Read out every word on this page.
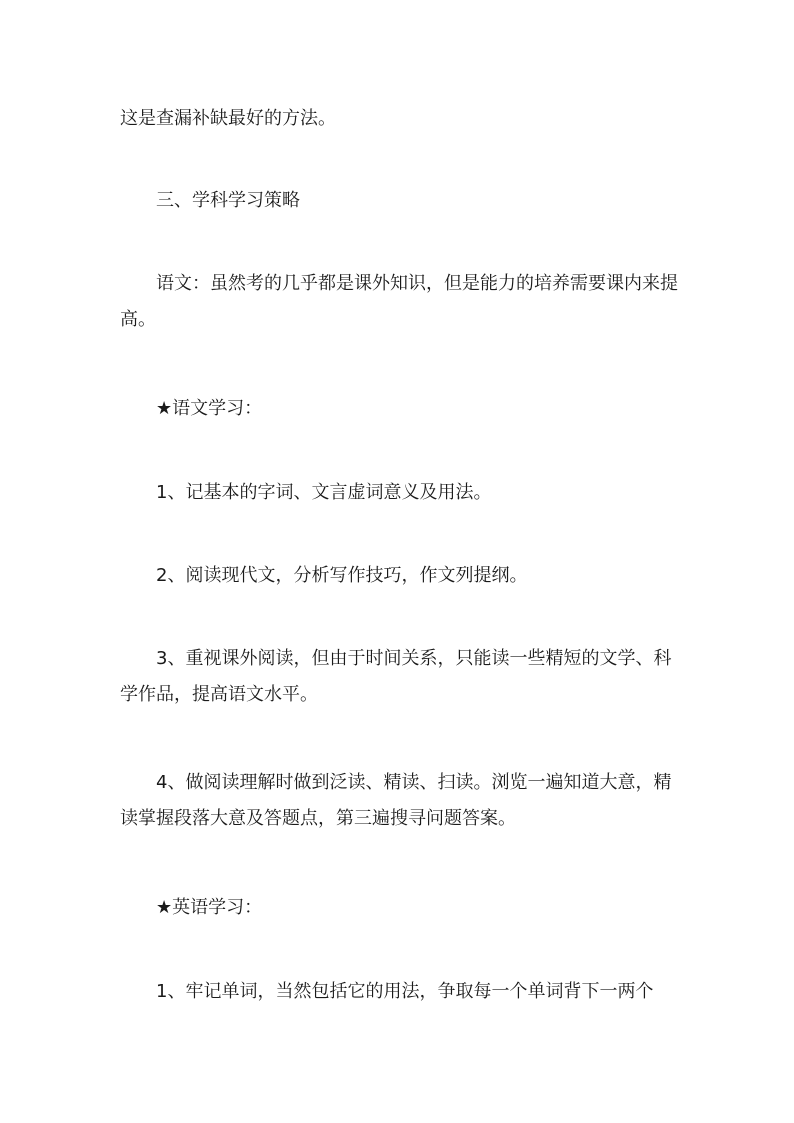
这是查漏补缺最好的方法。

三、学科学习策略

语文：虽然考的几乎都是课外知识，但是能力的培养需要课内来提高。

★语文学习：

1、记基本的字词、文言虚词意义及用法。

2、阅读现代文，分析写作技巧，作文列提纲。

3、重视课外阅读，但由于时间关系，只能读一些精短的文学、科学作品，提高语文水平。

4、做阅读理解时做到泛读、精读、扫读。浏览一遍知道大意，精读掌握段落大意及答题点，第三遍搜寻问题答案。

★英语学习：

1、牢记单词，当然包括它的用法，争取每一个单词背下一两个
